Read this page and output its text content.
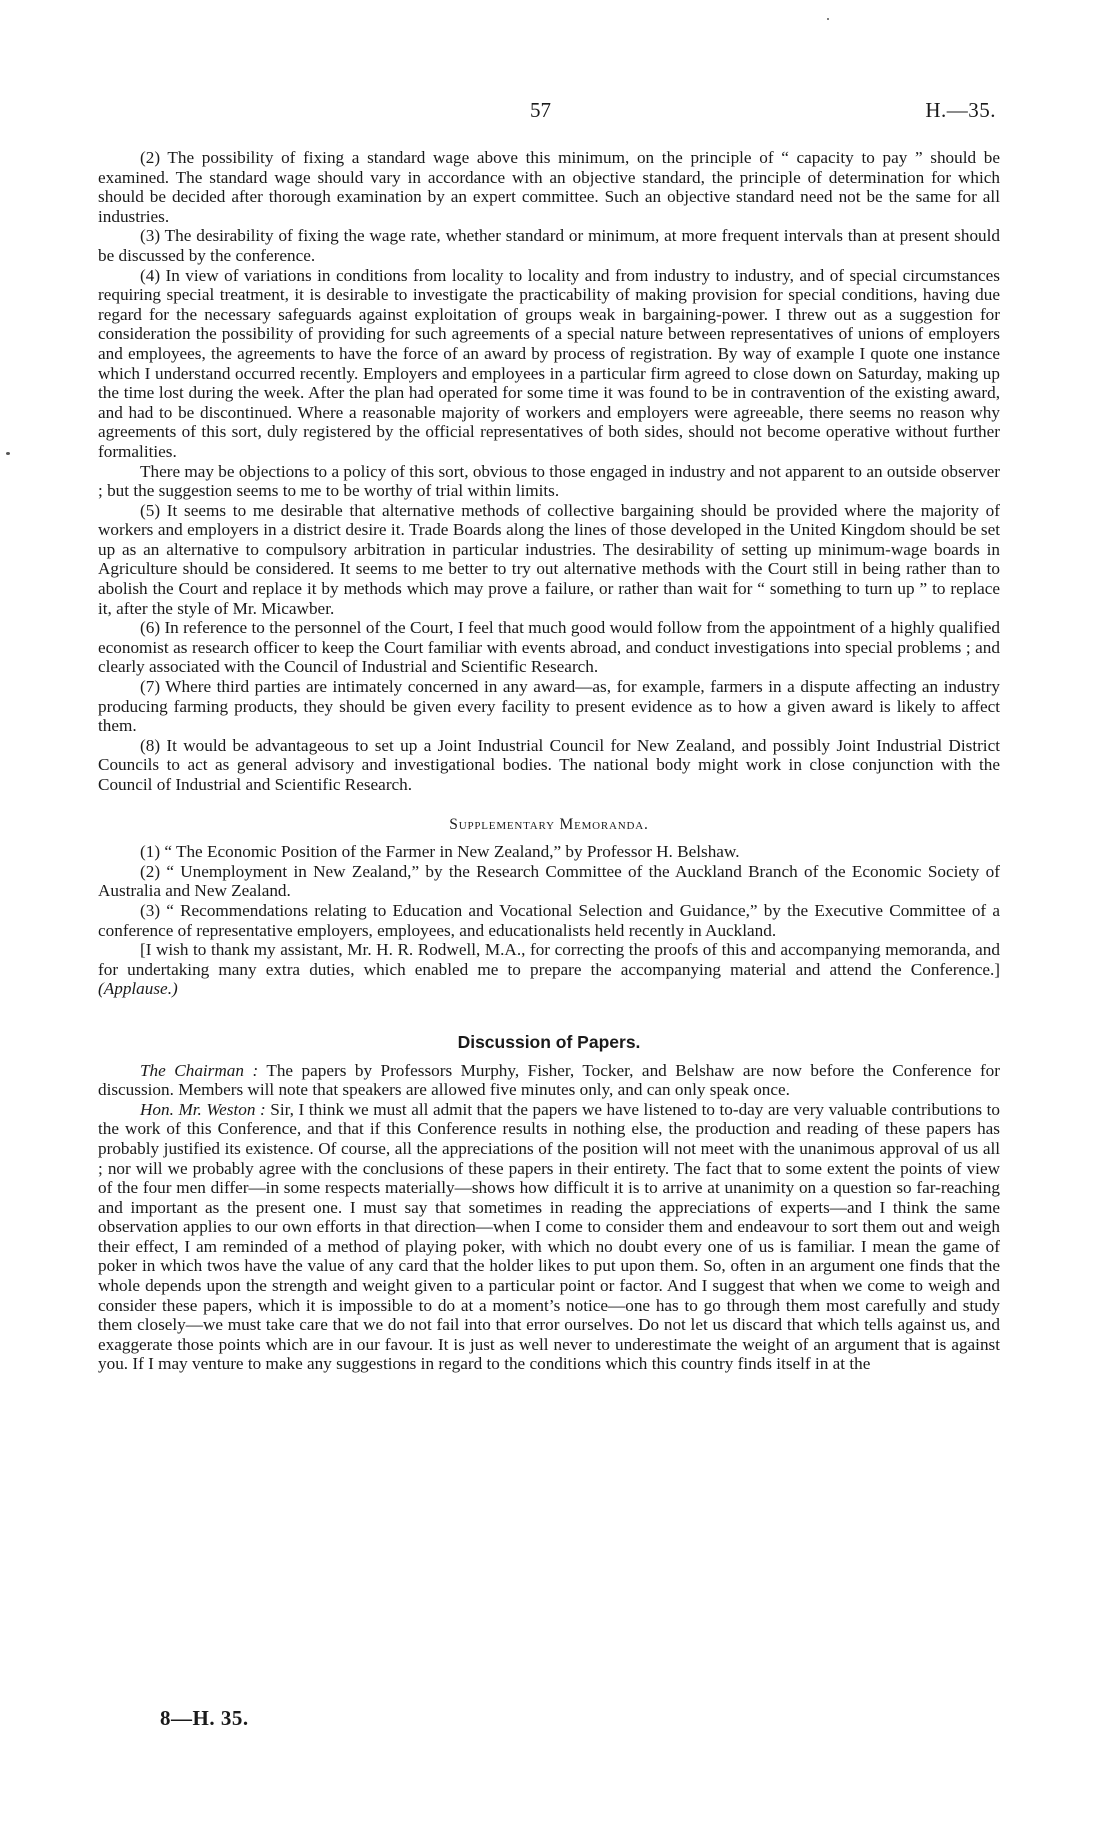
57	H.—35.

(2) The possibility of fixing a standard wage above this minimum, on the principle of “ capacity to pay ” should be examined. The standard wage should vary in accordance with an objective standard, the principle of determination for which should be decided after thorough examination by an expert committee. Such an objective standard need not be the same for all industries.

(3) The desirability of fixing the wage rate, whether standard or minimum, at more frequent intervals than at present should be discussed by the conference.

(4) In view of variations in conditions from locality to locality and from industry to industry, and of special circumstances requiring special treatment, it is desirable to investigate the practicability of making provision for special conditions, having due regard for the necessary safeguards against exploitation of groups weak in bargaining-power. I threw out as a suggestion for consideration the possibility of providing for such agreements of a special nature between representatives of unions of employers and employees, the agreements to have the force of an award by process of registration. By way of example I quote one instance which I understand occurred recently. Employers and employees in a particular firm agreed to close down on Saturday, making up the time lost during the week. After the plan had operated for some time it was found to be in contravention of the existing award, and had to be discontinued. Where a reasonable majority of workers and employers were agreeable, there seems no reason why agreements of this sort, duly registered by the official representatives of both sides, should not become operative without further formalities.

There may be objections to a policy of this sort, obvious to those engaged in industry and not apparent to an outside observer ; but the suggestion seems to me to be worthy of trial within limits.

(5) It seems to me desirable that alternative methods of collective bargaining should be provided where the majority of workers and employers in a district desire it. Trade Boards along the lines of those developed in the United Kingdom should be set up as an alternative to compulsory arbitration in particular industries. The desirability of setting up minimum-wage boards in Agriculture should be considered. It seems to me better to try out alternative methods with the Court still in being rather than to abolish the Court and replace it by methods which may prove a failure, or rather than wait for “ something to turn up ” to replace it, after the style of Mr. Micawber.

(6) In reference to the personnel of the Court, I feel that much good would follow from the appointment of a highly qualified economist as research officer to keep the Court familiar with events abroad, and conduct investigations into special problems ; and clearly associated with the Council of Industrial and Scientific Research.

(7) Where third parties are intimately concerned in any award—as, for example, farmers in a dispute affecting an industry producing farming products, they should be given every facility to present evidence as to how a given award is likely to affect them.

(8) It would be advantageous to set up a Joint Industrial Council for New Zealand, and possibly Joint Industrial District Councils to act as general advisory and investigational bodies. The national body might work in close conjunction with the Council of Industrial and Scientific Research.

Supplementary Memoranda.

(1) “ The Economic Position of the Farmer in New Zealand,” by Professor H. Belshaw.

(2) “ Unemployment in New Zealand,” by the Research Committee of the Auckland Branch of the Economic Society of Australia and New Zealand.

(3) “ Recommendations relating to Education and Vocational Selection and Guidance,” by the Executive Committee of a conference of representative employers, employees, and educationalists held recently in Auckland.

[I wish to thank my assistant, Mr. H. R. Rodwell, M.A., for correcting the proofs of this and accompanying memoranda, and for undertaking many extra duties, which enabled me to prepare the accompanying material and attend the Conference.] (Applause.)

Discussion of Papers.

The Chairman : The papers by Professors Murphy, Fisher, Tocker, and Belshaw are now before the Conference for discussion. Members will note that speakers are allowed five minutes only, and can only speak once.

Hon. Mr. Weston : Sir, I think we must all admit that the papers we have listened to to-day are very valuable contributions to the work of this Conference, and that if this Conference results in nothing else, the production and reading of these papers has probably justified its existence. Of course, all the appreciations of the position will not meet with the unanimous approval of us all ; nor will we probably agree with the conclusions of these papers in their entirety. The fact that to some extent the points of view of the four men differ—in some respects materially—shows how difficult it is to arrive at unanimity on a question so far-reaching and important as the present one. I must say that sometimes in reading the appreciations of experts—and I think the same observation applies to our own efforts in that direction—when I come to consider them and endeavour to sort them out and weigh their effect, I am reminded of a method of playing poker, with which no doubt every one of us is familiar. I mean the game of poker in which twos have the value of any card that the holder likes to put upon them. So, often in an argument one finds that the whole depends upon the strength and weight given to a particular point or factor. And I suggest that when we come to weigh and consider these papers, which it is impossible to do at a moment’s notice—one has to go through them most carefully and study them closely—we must take care that we do not fail into that error ourselves. Do not let us discard that which tells against us, and exaggerate those points which are in our favour. It is just as well never to underestimate the weight of an argument that is against you. If I may venture to make any suggestions in regard to the conditions which this country finds itself in at the

8—H. 35.
